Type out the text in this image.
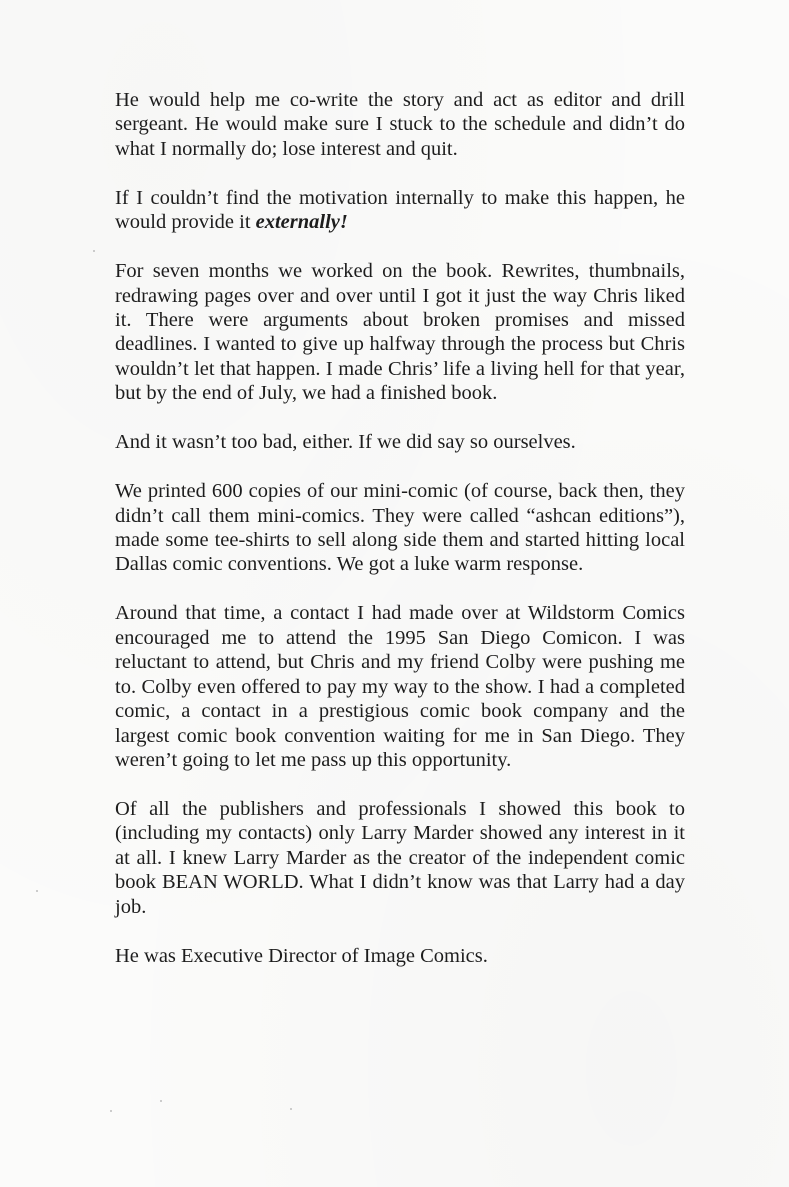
He would help me co-write the story and act as editor and drill sergeant. He would make sure I stuck to the schedule and didn’t do what I normally do; lose interest and quit.

If I couldn’t find the motivation internally to make this happen, he would provide it externally!

For seven months we worked on the book. Rewrites, thumbnails, redrawing pages over and over until I got it just the way Chris liked it. There were arguments about broken promises and missed deadlines. I wanted to give up halfway through the process but Chris wouldn’t let that happen. I made Chris’ life a living hell for that year, but by the end of July, we had a finished book.

And it wasn’t too bad, either. If we did say so ourselves.

We printed 600 copies of our mini-comic (of course, back then, they didn’t call them mini-comics. They were called “ashcan editions”), made some tee-shirts to sell along side them and started hitting local Dallas comic conventions. We got a luke warm response.

Around that time, a contact I had made over at Wildstorm Comics encouraged me to attend the 1995 San Diego Comicon. I was reluctant to attend, but Chris and my friend Colby were pushing me to. Colby even offered to pay my way to the show. I had a completed comic, a contact in a prestigious comic book company and the largest comic book convention waiting for me in San Diego. They weren’t going to let me pass up this opportunity.

Of all the publishers and professionals I showed this book to (including my contacts) only Larry Marder showed any interest in it at all. I knew Larry Marder as the creator of the independent comic book BEAN WORLD. What I didn’t know was that Larry had a day job.

He was Executive Director of Image Comics.
